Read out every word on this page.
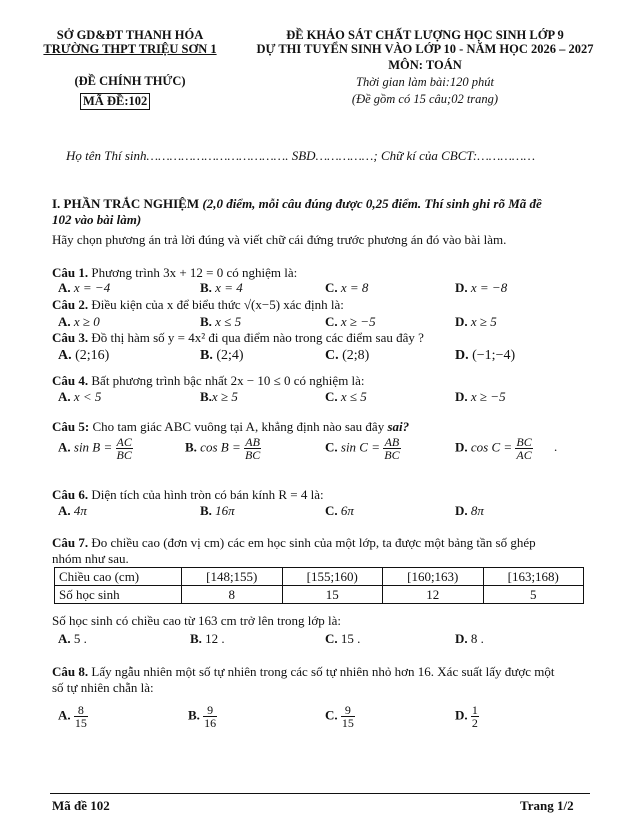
SỞ GD&ĐT THANH HÓA
TRƯỜNG THPT TRIỆU SƠN 1
(ĐỀ CHÍNH THỨC)
MÃ ĐỀ:102
ĐỀ KHẢO SÁT CHẤT LƯỢNG HỌC SINH LỚP 9
DỰ THI TUYỂN SINH VÀO LỚP 10 - NĂM HỌC 2026 – 2027
MÔN: TOÁN
Thời gian làm bài:120 phút
(Đề gồm có 15 câu;02 trang)
Họ tên Thí sinh………………………………. SBD……………; Chữ kí của CBCT:……………
I. PHẦN TRẮC NGHIỆM (2,0 điểm, mỗi câu đúng được 0,25 điểm. Thí sinh ghi rõ Mã đề
102 vào bài làm)
Hãy chọn phương án trả lời đúng và viết chữ cái đứng trước phương án đó vào bài làm.
Câu 1. Phương trình 3x + 12 = 0 có nghiệm là:
A. x = −4	B. x = 4	C. x = 8	D. x = −8
Câu 2. Điều kiện của x để biểu thức √(x−5) xác định là:
A. x ≥ 0	B. x ≤ 5	C. x ≥ −5	D. x ≥ 5
Câu 3. Đồ thị hàm số y = 4x² đi qua điểm nào trong các điểm sau đây ?
A. (2;16)	B. (2;4)	C. (2;8)	D. (−1;−4)
Câu 4. Bất phương trình bậc nhất 2x − 10 ≤ 0 có nghiệm là:
A. x < 5	B.x ≥ 5	C. x ≤ 5	D. x ≥ −5
Câu 5: Cho tam giác ABC vuông tại A, khẳng định nào sau đây sai?
A. $\sin B = \frac{AC}{BC}$	B. $\cos B = \frac{AB}{BC}$	C. $\sin C = \frac{AB}{BC}$	D. $\cos C = \frac{BC}{AC}$ .
Câu 6. Diện tích của hình tròn có bán kính R = 4 là:
A. 4π	B. 16π	C. 6π	D. 8π
Câu 7. Đo chiều cao (đơn vị cm) các em học sinh của một lớp, ta được một bảng tần số ghép
nhóm như sau.
Chiều cao (cm)	[148;155)	[155;160)	[160;163)	[163;168)
Số học sinh	8	15	12	5
Số học sinh có chiều cao từ 163 cm trở lên trong lớp là:
A. 5 .	B. 12 .	C. 15 .	D. 8 .
Câu 8. Lấy ngẫu nhiên một số tự nhiên trong các số tự nhiên nhỏ hơn 16. Xác suất lấy được một
số tự nhiên chẵn là:
A. $\frac{8}{15}$	B. $\frac{9}{16}$	C. $\frac{9}{15}$	D. $\frac{1}{2}$
Mã đề 102	Trang 1/2
